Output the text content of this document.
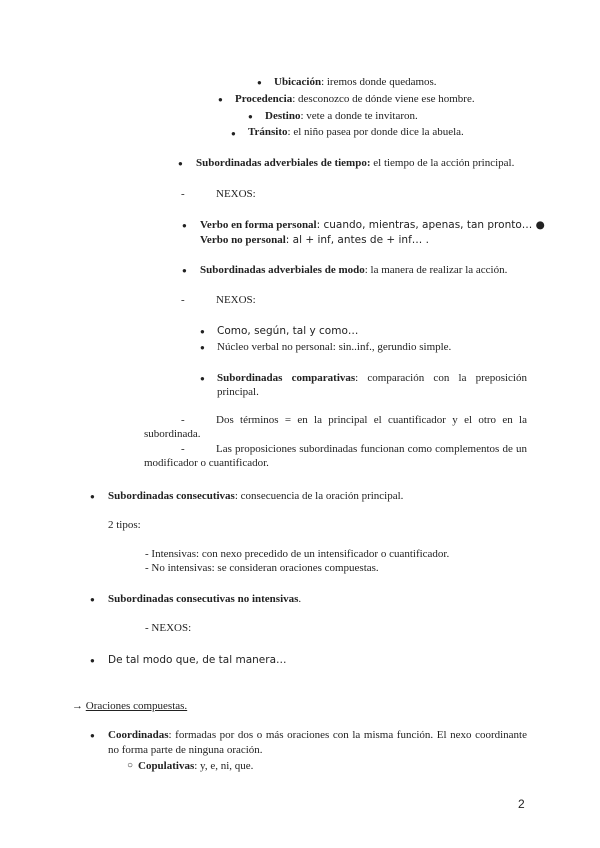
● Ubicación: iremos donde quedamos.
● Procedencia: desconozco de dónde viene ese hombre.
● Destino: vete a donde te invitaron.
● Tránsito: el niño pasea por donde dice la abuela.
● Subordinadas adverbiales de tiempo: el tiempo de la acción principal.
-	NEXOS:
● Verbo en forma personal: cuando, mientras, apenas, tan pronto… ●
Verbo no personal: al + inf, antes de + inf… .
● Subordinadas adverbiales de modo: la manera de realizar la acción.
-	NEXOS:
● Como, según, tal y como…
● Núcleo verbal no personal: sin..inf., gerundio simple.
● Subordinadas comparativas: comparación con la preposición
principal.
-	Dos términos = en la principal el cuantificador y el otro en la
subordinada.
-	Las proposiciones subordinadas funcionan como complementos de un
modificador o cuantificador.
● Subordinadas consecutivas: consecuencia de la oración principal.
2 tipos:
- Intensivas: con nexo precedido de un intensificador o cuantificador.
- No intensivas: se consideran oraciones compuestas.
● Subordinadas consecutivas no intensivas.
- NEXOS:
● De tal modo que, de tal manera…
→ Oraciones compuestas.
● Coordinadas: formadas por dos o más oraciones con la misma función. El nexo coordinante
no forma parte de ninguna oración.
○ Copulativas: y, e, ni, que.
2
